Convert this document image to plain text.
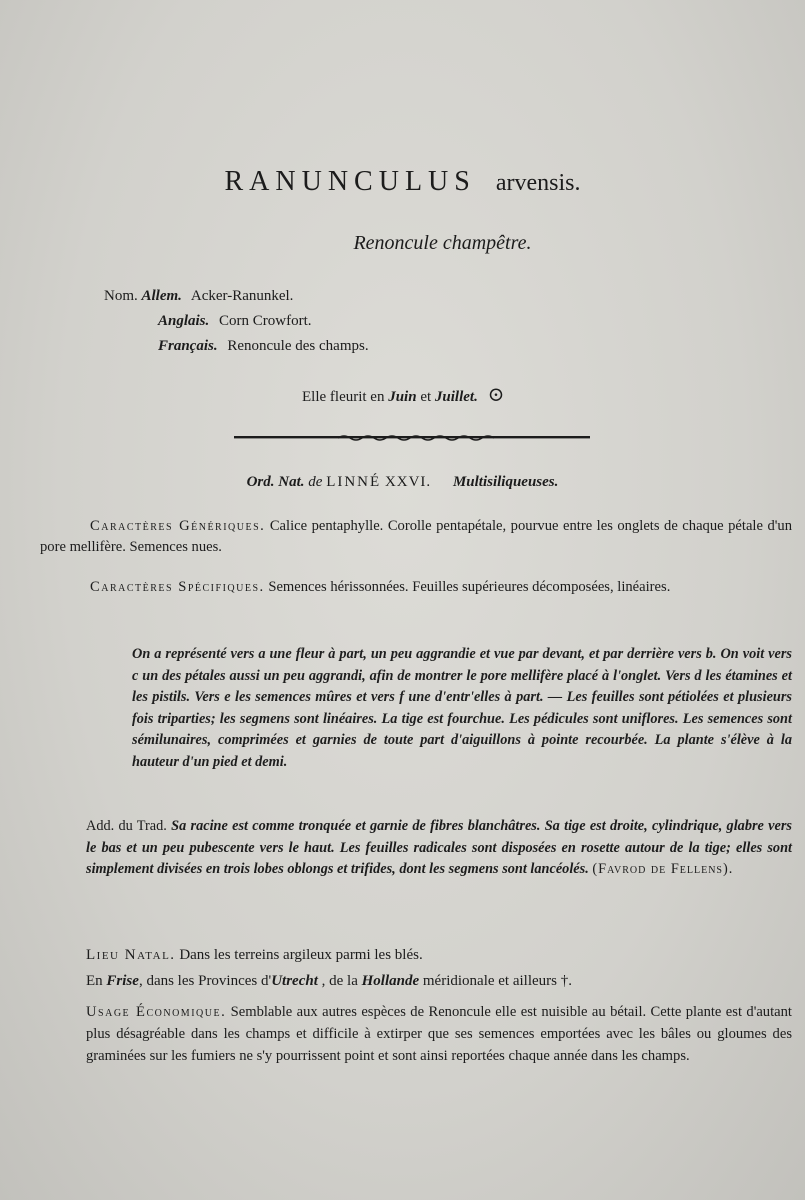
RANUNCULUS arvensis.
Renoncule champêtre.
Nom. Allem. Acker-Ranunkel.
Anglais. Corn Crowfort.
Français. Renoncule des champs.
Elle fleurit en Juin et Juillet. ⊙
Ord. Nat. de LINNÉ XXVI. Multisiliqueuses.
Caractères Génériques. Calice pentaphylle. Corolle pentapétale, pourvue entre les onglets de chaque pétale d'un pore mellifère. Semences nues.
Caractères Spécifiques. Semences hérissonnées. Feuilles supérieures décomposées, linéaires.
On a représenté vers a une fleur à part, un peu aggrandie et vue par devant, et par derrière vers b. On voit vers c un des pétales aussi un peu aggrandi, afin de montrer le pore mellifère placé à l'onglet. Vers d les étamines et les pistils. Vers e les semences mûres et vers f une d'entr'elles à part. — Les feuilles sont pétiolées et plusieurs fois triparties; les segmens sont linéaires. La tige est fourchue. Les pédicules sont uniflores. Les semences sont sémilunaires, comprimées et garnies de toute part d'aiguillons à pointe recourbée. La plante s'élève à la hauteur d'un pied et demi.
Add. du Trad. Sa racine est comme tronquée et garnie de fibres blanchâtres. Sa tige est droite, cylindrique, glabre vers le bas et un peu pubescente vers le haut. Les feuilles radicales sont disposées en rosette autour de la tige; elles sont simplement divisées en trois lobes oblongs et trifides, dont les segmens sont lancéolés. (Favrod de Fellens).
Lieu Natal. Dans les terreins argileux parmi les blés.
En Frise, dans les Provinces d'Utrecht , de la Hollande méridionale et ailleurs †.
Usage Économique. Semblable aux autres espèces de Renoncule elle est nuisible au bétail. Cette plante est d'autant plus désagréable dans les champs et difficile à extirper que ses semences emportées avec les bâles ou gloumes des graminées sur les fumiers ne s'y pourrissent point et sont ainsi reportées chaque année dans les champs.
